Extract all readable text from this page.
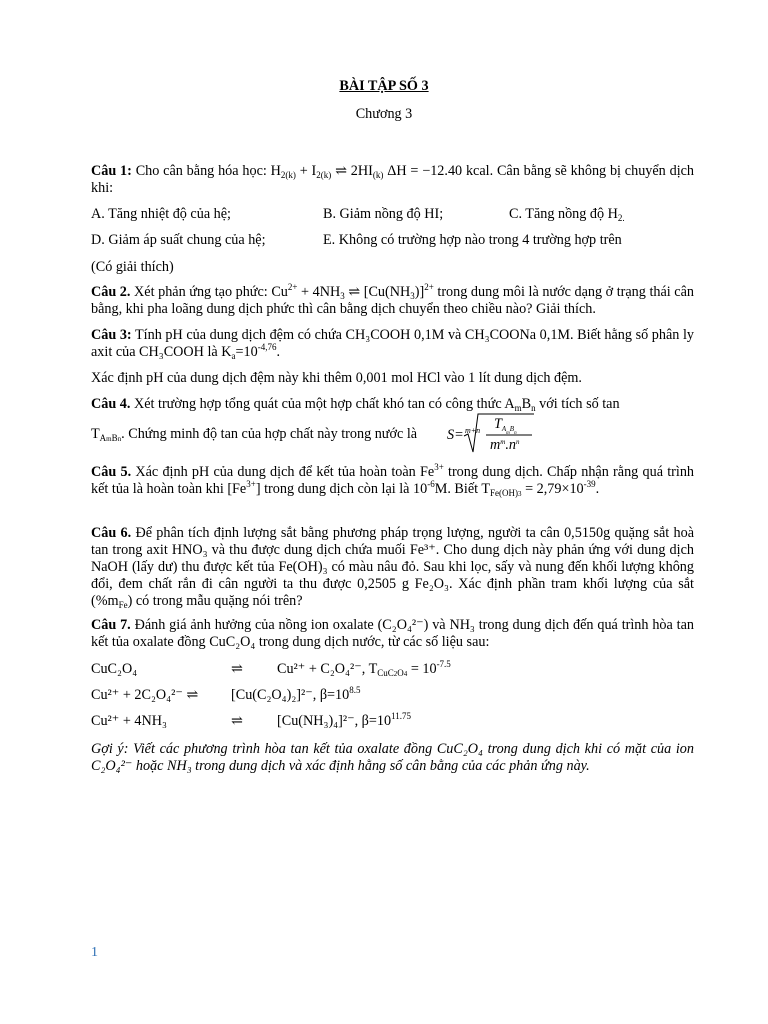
BÀI TẬP SỐ 3
Chương 3
Câu 1: Cho cân bằng hóa học: $H_{2(k)} + I_{2(k)}$ ⇌ $2HI_{(k)}$ ΔH = −12.40 kcal. Cân bằng sẽ không bị chuyển dịch khi:
A. Tăng nhiệt độ của hệ;	B. Giảm nồng độ HI;	C. Tăng nồng độ $H_{2.}$
D. Giảm áp suất chung của hệ;	E. Không có trường hợp nào trong 4 trường hợp trên
(Có giải thích)
Câu 2. Xét phản ứng tạo phức: $Cu^{2+} + 4NH_3$ ⇌ $[Cu(NH_3)]^{2+}$ trong dung môi là nước dạng ở trạng thái cân bằng, khi pha loãng dung dịch phức thì cân bằng dịch chuyển theo chiều nào? Giải thích.
Câu 3: Tính pH của dung dịch đệm có chứa CH₃COOH 0,1M và CH₃COONa 0,1M. Biết hằng số phân ly axit của CH₃COOH là $K_a=10^{-4,76}$.
Xác định pH của dung dịch đệm này khi thêm 0,001 mol HCl vào 1 lít dung dịch đệm.
Câu 4. Xét trường hợp tổng quát của một hợp chất khó tan có công thức $A_mB_n$ với tích số tan
$T_{AmBn}$. Chứng minh độ tan của hợp chất này trong nước là S= m+n $T_{A_mB_n}$
$m^m.n^n$
Câu 5. Xác định pH của dung dịch để kết tủa hoàn toàn $Fe^{3+}$ trong dung dịch. Chấp nhận rằng quá trình kết tủa là hoàn toàn khi $[Fe^{3+}]$ trong dung dịch còn lại là $10^{-6}M$. Biết $T_{Fe(OH)3} = 2,79\times 10^{-39}$.
Câu 6. Để phân tích định lượng sắt bằng phương pháp trọng lượng, người ta cân 0,5150g quặng sắt hoà tan trong axit HNO₃ và thu được dung dịch chứa muối Fe³⁺. Cho dung dịch này phản ứng với dung dịch NaOH (lấy dư) thu được kết tủa Fe(OH)₃ có màu nâu đỏ. Sau khi lọc, sấy và nung đến khối lượng không đổi, đem chất rắn đi cân người ta thu được 0,2505 g Fe₂O₃. Xác định phần tram khối lượng của sắt $(\%m_{Fe})$ có trong mẫu quặng nói trên?
Câu 7. Đánh giá ảnh hưởng của nồng ion oxalate (C₂O₄²⁻) và NH₃ trong dung dịch đến quá trình hòa tan kết tủa oxalate đồng CuC₂O₄ trong dung dịch nước, từ các số liệu sau:
CuC₂O₄	⇌ Cu²⁺ + C₂O₄²⁻, $T_{CuC2O4} = 10^{-7.5}$
Cu²⁺ + 2C₂O₄²⁻ ⇌ [Cu(C₂O₄)₂]²⁻, $\beta=10^{8.5}$
Cu²⁺ + 4NH₃	⇌ [Cu(NH₃)₄]²⁻, $\beta=10^{11.75}$
Gợi ý: Viết các phương trình hòa tan kết tủa oxalate đồng CuC₂O₄ trong dung dịch khi có mặt của ion C₂O₄²⁻ hoặc NH₃ trong dung dịch và xác định hằng số cân bằng của các phản ứng này.
1
